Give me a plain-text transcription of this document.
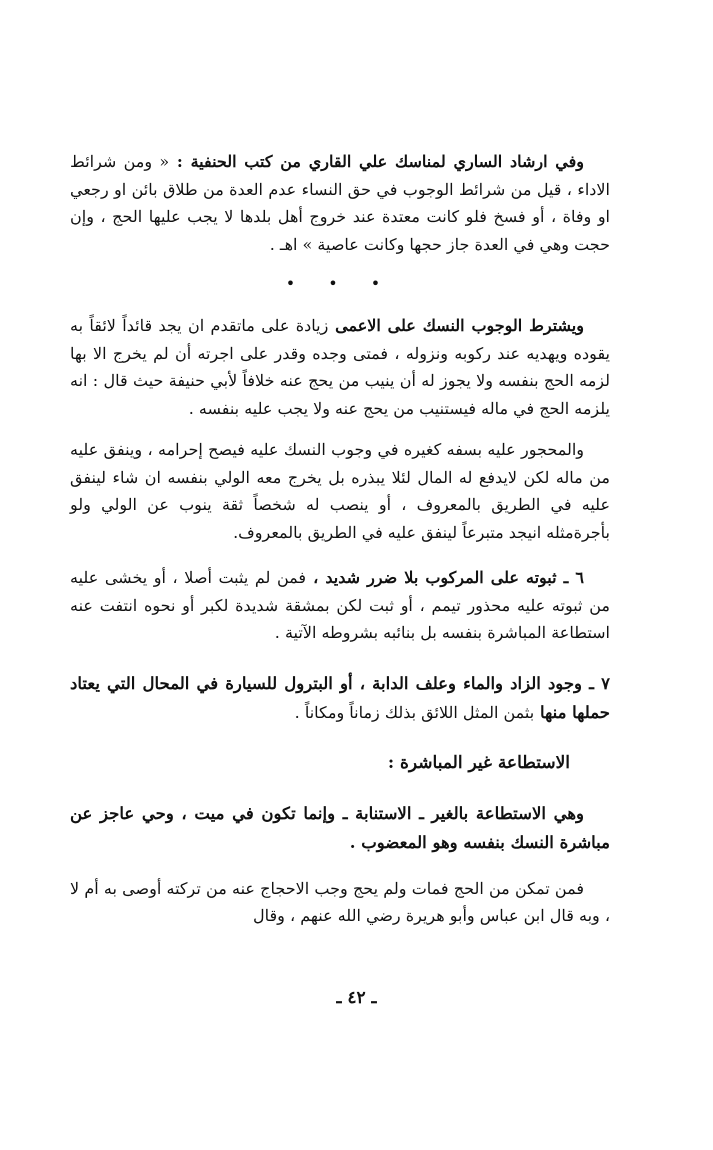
وفي ارشاد الساري لمناسك علي القاري من كتب الحنفية : « ومن شرائط الاداء ، قيل من شرائط الوجوب في حق النساء عدم العدة من طلاق بائن او رجعي او وفاة ، أو فسخ فلو كانت معتدة عند خروج أهل بلدها لا يجب عليها الحج ، وإن حجت وهي في العدة جاز حجها وكانت عاصية » اهـ .

• • •

ويشترط الوجوب النسك على الاعمى زيادة على ماتقدم ان يجد قائداً لائقاً به يقوده ويهديه عند ركوبه ونزوله ، فمتى وجده وقدر على اجرته أن لم يخرج الا بها لزمه الحج بنفسه ولا يجوز له أن ينيب من يحج عنه خلافاً لأبي حنيفة حيث قال : انه يلزمه الحج في ماله فيستنيب من يحج عنه ولا يجب عليه بنفسه .

والمحجور عليه بسفه كغيره في وجوب النسك عليه فيصح إحرامه ، وينفق عليه من ماله لكن لايدفع له المال لئلا يبذره بل يخرج معه الولي بنفسه ان شاء لينفق عليه في الطريق بالمعروف ، أو ينصب له شخصاً ثقة ينوب عن الولي ولو بأجرةمثله انيجد متبرعاً لينفق عليه في الطريق بالمعروف.

٦ ـ ثبوته على المركوب بلا ضرر شديد ، فمن لم يثبت أصلا ، أو يخشى عليه من ثبوته عليه محذور تيمم ، أو ثبت لكن بمشقة شديدة لكبر أو نحوه انتفت عنه استطاعة المباشرة بنفسه بل بنائبه بشروطه الآتية .

٧ ـ وجود الزاد والماء وعلف الدابة ، أو البترول للسيارة في المحال التي يعتاد حملها منها بثمن المثل اللائق بذلك زماناً ومكاناً .

الاستطاعة غير المباشرة :

وهي الاستطاعة بالغير ـ الاستنابة ـ وإنما تكون في ميت ، وحي عاجز عن مباشرة النسك بنفسه وهو المعضوب .

فمن تمكن من الحج فمات ولم يحج وجب الاحجاج عنه من تركته أوصى به أم لا ، وبه قال ابن عباس وأبو هريرة رضي الله عنهم ، وقال

ـ ٤٢ ـ
